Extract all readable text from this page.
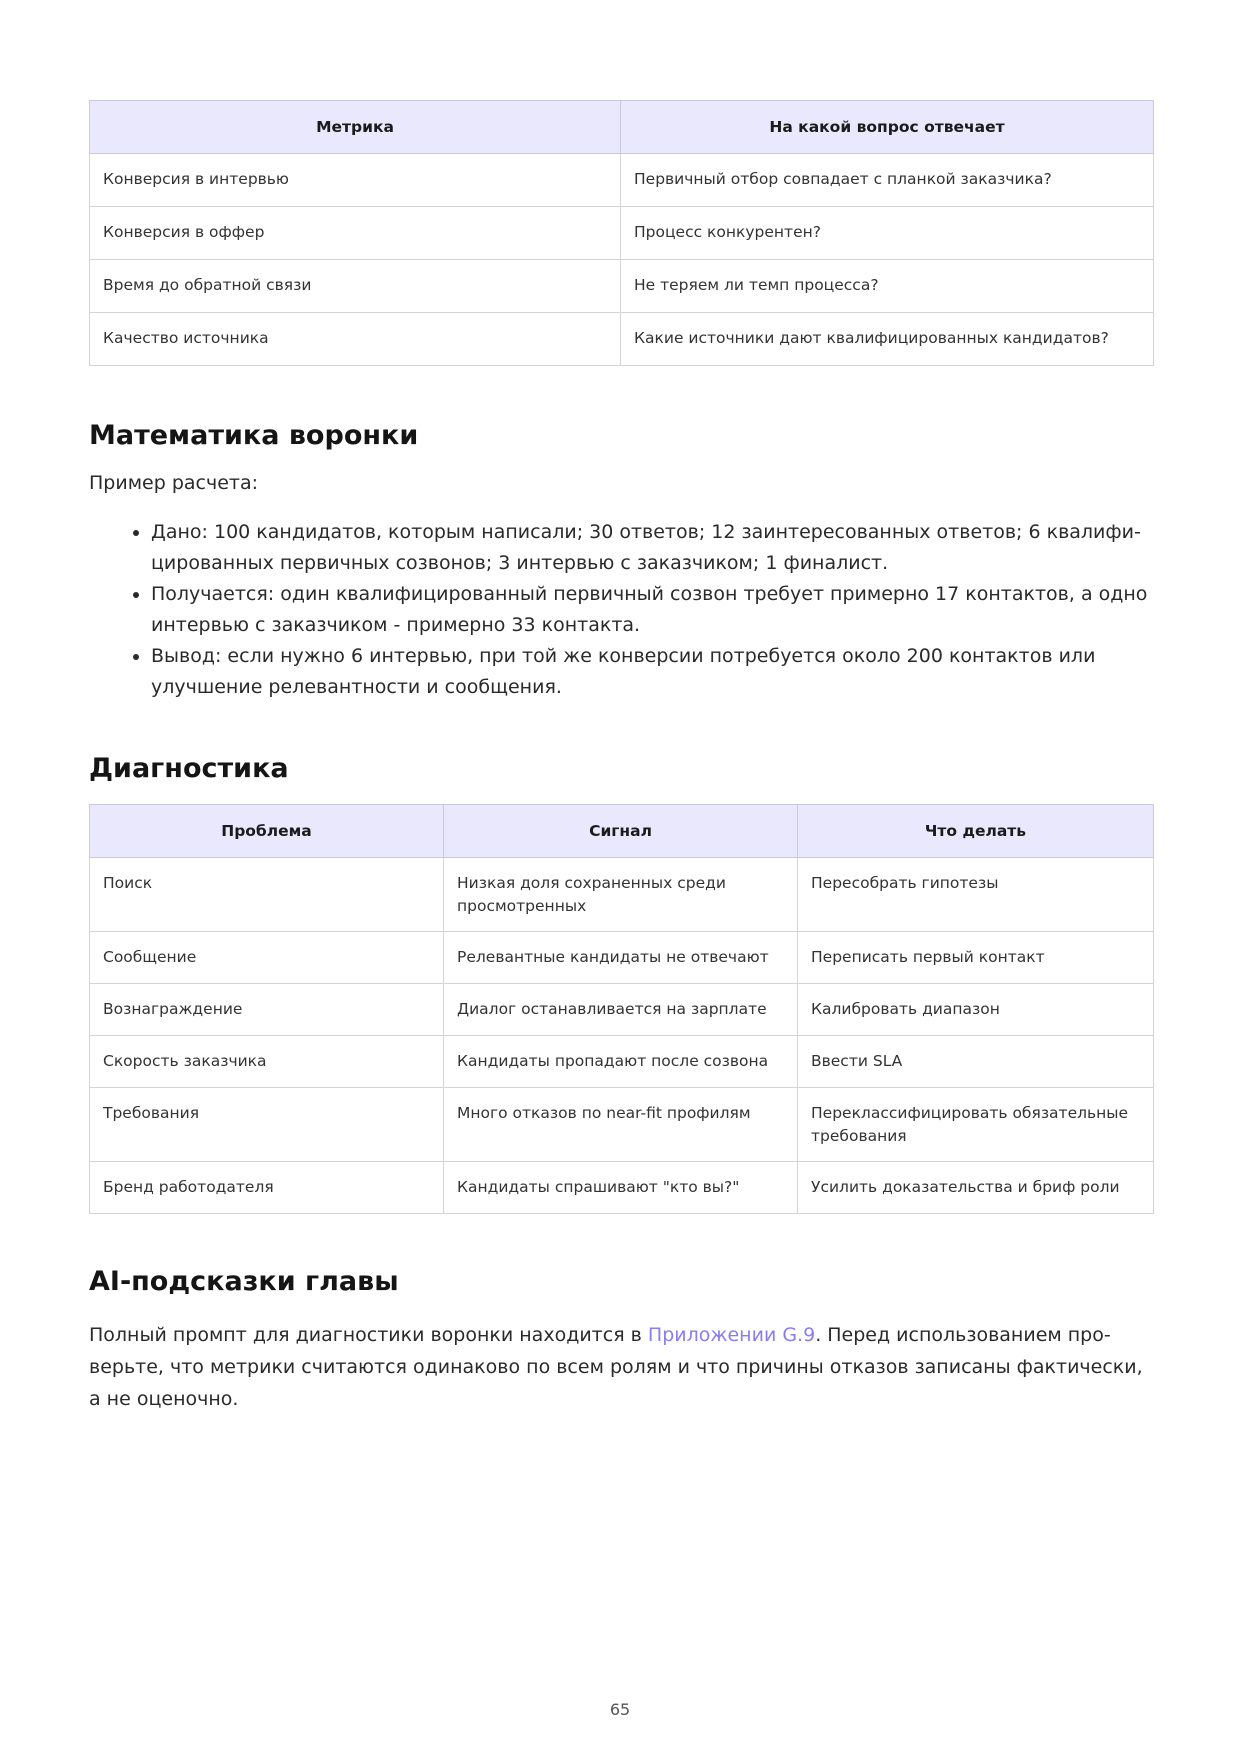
Метрика	На какой вопрос отвечает
Конверсия в интервью	Первичный отбор совпадает с планкой заказчика?
Конверсия в оффер	Процесс конкурентен?
Время до обратной связи	Не теряем ли темп процесса?
Качество источника	Какие источники дают квалифицированных кандидатов?
Математика воронки

Пример расчета:

• Дано: 100 кандидатов, которым написали; 30 ответов; 12 заинтересованных ответов; 6 квалифицированных первичных созвонов; 3 интервью с заказчиком; 1 финалист.
• Получается: один квалифицированный первичный созвон требует примерно 17 контактов, а одно интервью с заказчиком - примерно 33 контакта.
• Вывод: если нужно 6 интервью, при той же конверсии потребуется около 200 контактов или улучшение релевантности и сообщения.
Диагностика
Проблема	Сигнал	Что делать
Поиск	Низкая доля сохраненных среди просмотренных	Пересобрать гипотезы
Сообщение	Релевантные кандидаты не отвечают	Переписать первый контакт
Вознаграждение	Диалог останавливается на зарплате	Калибровать диапазон
Скорость заказчика	Кандидаты пропадают после созвона	Ввести SLA
Требования	Много отказов по near-fit профилям	Переклассифицировать обязательные требования
Бренд работодателя	Кандидаты спрашивают "кто вы?"	Усилить доказательства и бриф роли
AI-подсказки главы

Полный промпт для диагностики воронки находится в Приложении G.9. Перед использованием проверьте, что метрики считаются одинаково по всем ролям и что причины отказов записаны фактически, а не оценочно.

65
